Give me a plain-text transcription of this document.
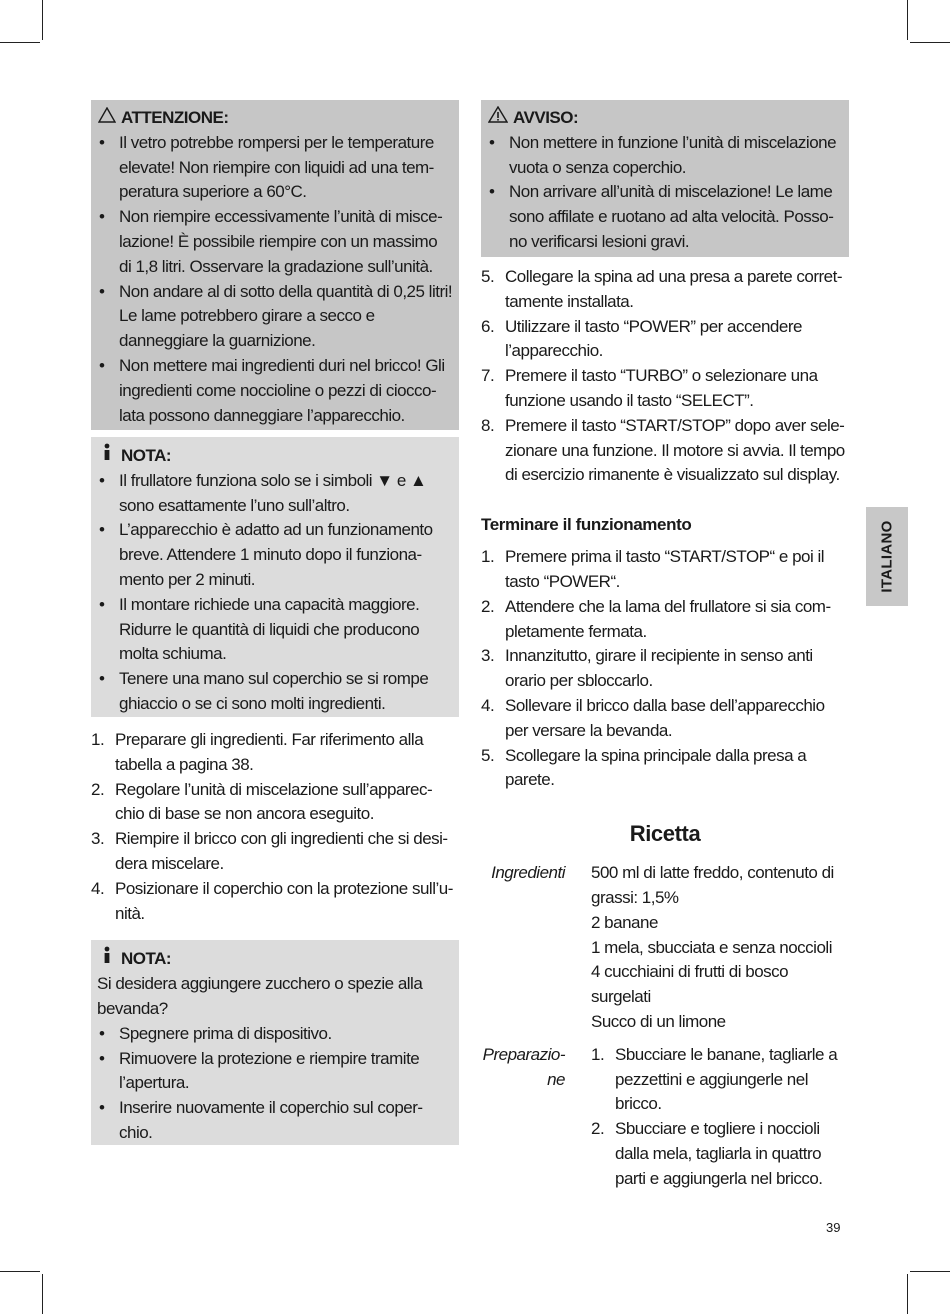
ATTENZIONE:
• Il vetro potrebbe rompersi per le temperature elevate! Non riempire con liquidi ad una tem-peratura superiore a 60°C.
• Non riempire eccessivamente l’unità di misce-lazione! È possibile riempire con un massimo di 1,8 litri. Osservare la gradazione sull’unità.
• Non andare al di sotto della quantità di 0,25 litri! Le lame potrebbero girare a secco e danneggiare la guarnizione.
• Non mettere mai ingredienti duri nel bricco! Gli ingredienti come noccioline o pezzi di ciocco-lata possono danneggiare l’apparecchio.
NOTA:
• Il frullatore funziona solo se i simboli ▼ e ▲ sono esattamente l’uno sull’altro.
• L’apparecchio è adatto ad un funzionamento breve. Attendere 1 minuto dopo il funziona-mento per 2 minuti.
• Il montare richiede una capacità maggiore. Ridurre le quantità di liquidi che producono molta schiuma.
• Tenere una mano sul coperchio se si rompe ghiaccio o se ci sono molti ingredienti.
1. Preparare gli ingredienti. Far riferimento alla tabella a pagina 38.
2. Regolare l’unità di miscelazione sull’apparec-chio di base se non ancora eseguito.
3. Riempire il bricco con gli ingredienti che si desi-dera miscelare.
4. Posizionare il coperchio con la protezione sull’u-nità.
NOTA:
Si desidera aggiungere zucchero o spezie alla bevanda?
• Spegnere prima di dispositivo.
• Rimuovere la protezione e riempire tramite l’apertura.
• Inserire nuovamente il coperchio sul coper-chio.
AVVISO:
• Non mettere in funzione l’unità di miscelazione vuota o senza coperchio.
• Non arrivare all’unità di miscelazione! Le lame sono affilate e ruotano ad alta velocità. Posso-no verificarsi lesioni gravi.
5. Collegare la spina ad una presa a parete corret-tamente installata.
6. Utilizzare il tasto “POWER” per accendere l’apparecchio.
7. Premere il tasto “TURBO” o selezionare una funzione usando il tasto “SELECT”.
8. Premere il tasto “START/STOP” dopo aver sele-zionare una funzione. Il motore si avvia. Il tempo di esercizio rimanente è visualizzato sul display.
Terminare il funzionamento
1. Premere prima il tasto “START/STOP“ e poi il tasto “POWER“.
2. Attendere che la lama del frullatore si sia com-pletamente fermata.
3. Innanzitutto, girare il recipiente in senso anti orario per sbloccarlo.
4. Sollevare il bricco dalla base dell’apparecchio per versare la bevanda.
5. Scollegare la spina principale dalla presa a parete.
Ricetta
Ingredienti	500 ml di latte freddo, contenuto di grassi: 1,5%
2 banane
1 mela, sbucciata e senza noccioli
4 cucchiaini di frutti di bosco surgelati
Succo di un limone
Preparazio-ne
1. Sbucciare le banane, tagliarle a pezzettini e aggiungerle nel bricco.
2. Sbucciare e togliere i noccioli dalla mela, tagliarla in quattro parti e aggiungerla nel bricco.
ITALIANO
39
